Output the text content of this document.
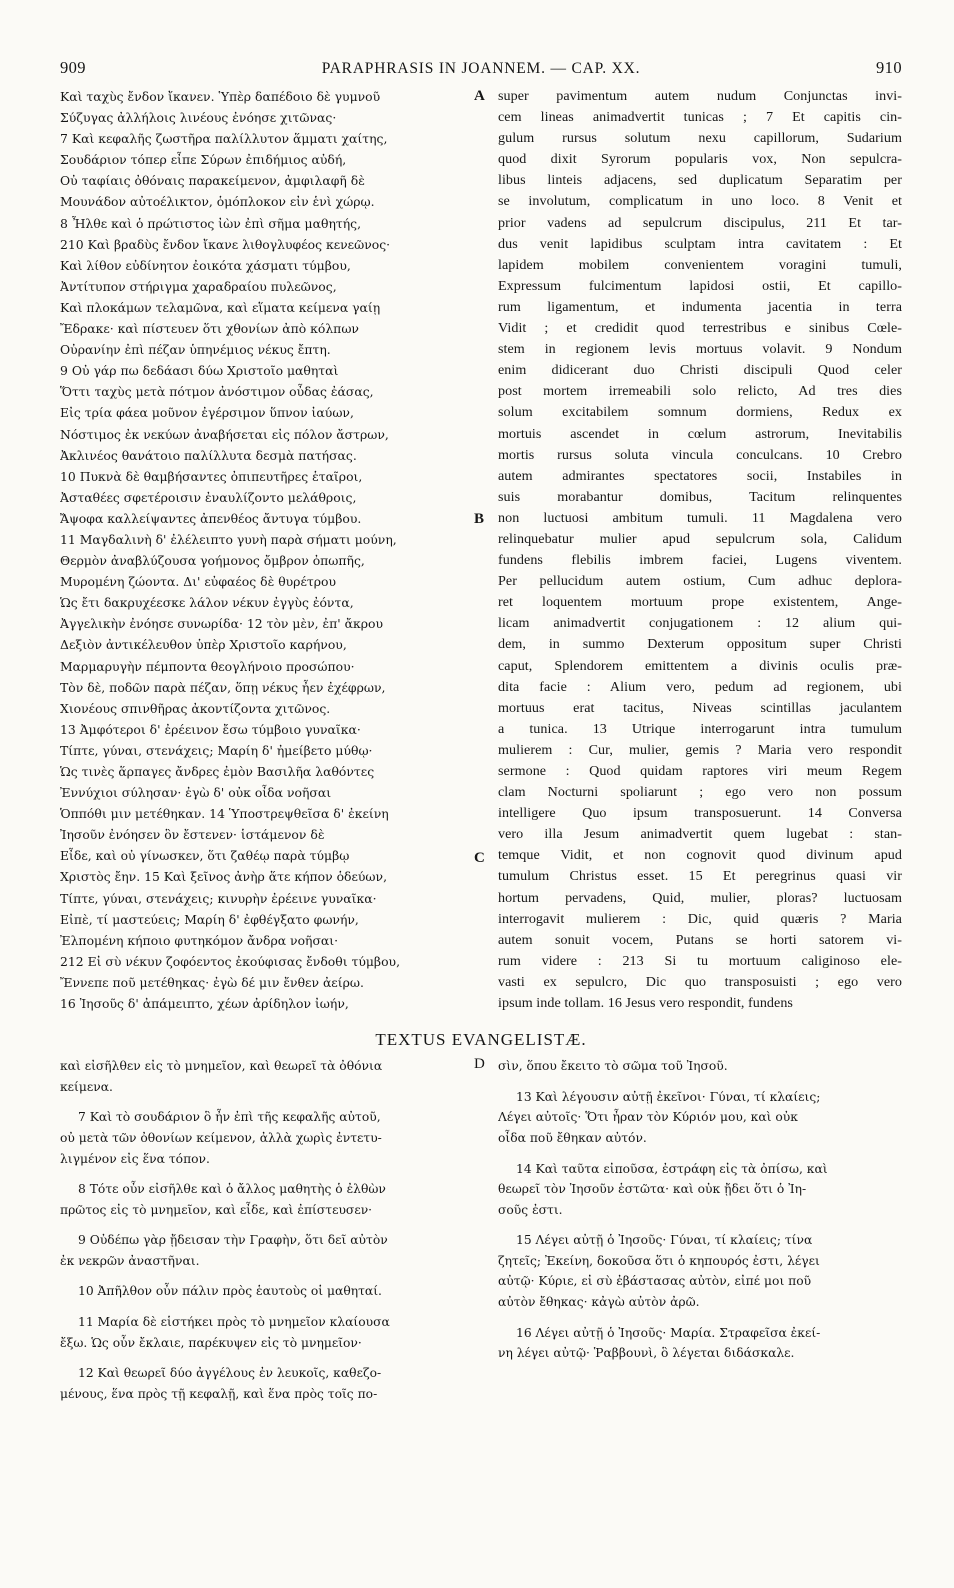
909	PARAPHRASIS IN JOANNEM. — CAP. XX.	910
Καὶ ταχὺς ἔνδον ἴκανεν. Ὑπὲρ δαπέδοιο δὲ γυμνοῦ
Σύζυγας ἀλλήλοις λινέους ἐνόησε χιτῶνας·
7 Καὶ κεφαλῆς ζωστῆρα παλίλλυτον ἅμματι χαίτης,
Σουδάριον τόπερ εἶπε Σύρων ἐπιδήμιος αὐδή,
Οὐ ταφίαις ὀθόναις παρακείμενον, ἀμφιλαφῆ δὲ
Μουνάδον αὐτοέλικτον, ὁμόπλοκον εἰν ἑνὶ χώρῳ.
8 Ἦλθε καὶ ὁ πρώτιστος ἰὼν ἐπὶ σῆμα μαθητής,
210 Καὶ βραδὺς ἔνδον ἴκανε λιθογλυφέος κενεῶνος·
Καὶ λίθον εὐδίνητον ἐοικότα χάσματι τύμβου,
Ἀντίτυπον στήριγμα χαραδραίου πυλεῶνος,
Καὶ πλοκάμων τελαμῶνα, καὶ εἵματα κείμενα γαίῃ
Ἔδρακε· καὶ πίστευεν ὅτι χθονίων ἀπὸ κόλπων
Οὐρανίην ἐπὶ πέζαν ὑπηνέμιος νέκυς ἔπτη.
9 Οὐ γάρ πω δεδάασι δύω Χριστοῖο μαθηταὶ
Ὅττι ταχὺς μετὰ πότμον ἀνόστιμον οὖδας ἐάσας,
Εἰς τρία φάεα μοῦνον ἐγέρσιμον ὕπνον ἰαύων,
Νόστιμος ἐκ νεκύων ἀναβήσεται εἰς πόλον ἄστρων,
Ἀκλινέος θανάτοιο παλίλλυτα δεσμὰ πατήσας.
10 Πυκνὰ δὲ θαμβήσαντες ὀπιπευτῆρες ἑταῖροι,
Ἀσταθέες σφετέροισιν ἐναυλίζοντο μελάθροις,
Ἄψοφα καλλείψαντες ἀπενθέος ἄντυγα τύμβου.
11 Μαγδαλινὴ δ' ἐλέλειπτο γυνὴ παρὰ σήματι μούνη,
Θερμὸν ἀναβλύζουσα γοήμονος ὄμβρον ὀπωπῆς,
Μυρομένη ζώοντα. Δι' εὐφαέος δὲ θυρέτρου
Ὡς ἔτι δακρυχέεσκε λάλον νέκυν ἐγγὺς ἐόντα,
Ἀγγελικὴν ἐνόησε συνωρίδα· 12 τὸν μὲν, ἐπ' ἄκρου
Δεξιὸν ἀντικέλευθον ὑπὲρ Χριστοῖο καρήνου,
Μαρμαρυγὴν πέμποντα θεογλήνοιο προσώπου·
Τὸν δὲ, ποδῶν παρὰ πέζαν, ὅπῃ νέκυς ἦεν ἐχέφρων,
Χιονέους σπινθῆρας ἀκοντίζοντα χιτῶνος.
13 Ἀμφότεροι δ' ἐρέεινον ἔσω τύμβοιο γυναῖκα·
Τίπτε, γύναι, στενάχεις; Μαρίη δ' ἠμείβετο μύθῳ·
Ὡς τινὲς ἅρπαγες ἄνδρες ἐμὸν Βασιλῆα λαθόντες
Ἐννύχιοι σύλησαν· ἐγὼ δ' οὐκ οἶδα νοῆσαι
Ὁππόθι μιν μετέθηκαν. 14 Ὑποστρεψθεῖσα δ' ἐκείνη
Ἰησοῦν ἐνόησεν ὃν ἔστενεν· ἱστάμενον δὲ
Εἶδε, καὶ οὐ γίνωσκεν, ὅτι ζαθέῳ παρὰ τύμβῳ
Χριστὸς ἔην. 15 Καὶ ξεῖνος ἀνὴρ ἅτε κήπον ὁδεύων,
Τίπτε, γύναι, στενάχεις; κινυρὴν ἐρέεινε γυναῖκα·
Εἰπὲ, τί μαστεύεις; Μαρίη δ' ἐφθέγξατο φωνήν,
Ἐλπομένη κήποιο φυτηκόμον ἄνδρα νοῆσαι·
212 Εἰ σὺ νέκυν ζοφόεντος ἐκούφισας ἔνδοθι τύμβου,
Ἔννεπε ποῦ μετέθηκας· ἐγὼ δέ μιν ἔνθεν ἀείρω.
16 Ἰησοῦς δ' ἀπάμειπτο, χέων ἀρίδηλον ἰωήν,
A
B
C
super pavimentum autem nudum Conjunctas invi-
cem lineas animadvertit tunicas ; 7 Et capitis cin-
gulum rursus solutum nexu capillorum, Sudarium
quod dixit Syrorum popularis vox, Non sepulcra-
libus linteis adjacens, sed duplicatum Separatim per
se involutum, complicatum in uno loco. 8 Venit et
prior vadens ad sepulcrum discipulus, 211 Et tar-
dus venit lapidibus sculptam intra cavitatem : Et
lapidem mobilem convenientem voragini tumuli,
Expressum fulcimentum lapidosi ostii, Et capillo-
rum ligamentum, et indumenta jacentia in terra
Vidit ; et credidit quod terrestribus e sinibus Cœle-
stem in regionem levis mortuus volavit. 9 Nondum
enim didicerant duo Christi discipuli Quod celer
post mortem irremeabili solo relicto, Ad tres dies
solum excitabilem somnum dormiens, Redux ex
mortuis ascendet in cœlum astrorum, Inevitabilis
mortis rursus soluta vincula conculcans. 10 Crebro
autem admirantes spectatores socii, Instabiles in
suis morabantur domibus, Tacitum relinquentes
non luctuosi ambitum tumuli. 11 Magdalena vero
relinquebatur mulier apud sepulcrum sola, Calidum
fundens flebilis imbrem faciei, Lugens viventem.
Per pellucidum autem ostium, Cum adhuc deplora-
ret loquentem mortuum prope existentem, Ange-
licam animadvertit conjugationem : 12 alium qui-
dem, in summo Dexterum oppositum super Christi
caput, Splendorem emittentem a divinis oculis præ-
dita facie : Alium vero, pedum ad regionem, ubi
mortuus erat tacitus, Niveas scintillas jaculantem
a tunica. 13 Utrique interrogarunt intra tumulum
mulierem : Cur, mulier, gemis ? Maria vero respondit
sermone : Quod quidam raptores viri meum Regem
clam Nocturni spoliarunt ; ego vero non possum
intelligere Quo ipsum transposuerunt. 14 Conversa
vero illa Jesum animadvertit quem lugebat : stan-
temque Vidit, et non cognovit quod divinum apud
tumulum Christus esset. 15 Et peregrinus quasi vir
hortum pervadens, Quid, mulier, ploras? luctuosam
interrogavit mulierem : Dic, quid quæris ? Maria
autem sonuit vocem, Putans se horti satorem vi-
rum videre : 213 Si tu mortuum caliginoso ele-
vasti ex sepulcro, Dic quo transposuisti ; ego vero
ipsum inde tollam. 16 Jesus vero respondit, fundens
TEXTUS EVANGELISTÆ.
καὶ εἰσῆλθεν εἰς τὸ μνημεῖον, καὶ θεωρεῖ τὰ ὀθόνια
κείμενα.
7 Καὶ τὸ σουδάριον ὃ ἦν ἐπὶ τῆς κεφαλῆς αὐτοῦ,
οὐ μετὰ τῶν ὀθονίων κείμενον, ἀλλὰ χωρὶς ἐντετυ-
λιγμένον εἰς ἕνα τόπον.
8 Τότε οὖν εἰσῆλθε καὶ ὁ ἄλλος μαθητὴς ὁ ἐλθὼν
πρῶτος εἰς τὸ μνημεῖον, καὶ εἶδε, καὶ ἐπίστευσεν·
9 Οὐδέπω γὰρ ᾔδεισαν τὴν Γραφὴν, ὅτι δεῖ αὐτὸν
ἐκ νεκρῶν ἀναστῆναι.
10 Ἀπῆλθον οὖν πάλιν πρὸς ἑαυτοὺς οἱ μαθηταί.
11 Μαρία δὲ εἱστήκει πρὸς τὸ μνημεῖον κλαίουσα
ἔξω. Ὡς οὖν ἔκλαιε, παρέκυψεν εἰς τὸ μνημεῖον·
12 Καὶ θεωρεῖ δύο ἀγγέλους ἐν λευκοῖς, καθεζο-
μένους, ἕνα πρὸς τῇ κεφαλῇ, καὶ ἕνα πρὸς τοῖς πο-
D σὶν, ὅπου ἔκειτο τὸ σῶμα τοῦ Ἰησοῦ.
13 Καὶ λέγουσιν αὐτῇ ἐκεῖνοι· Γύναι, τί κλαίεις;
Λέγει αὐτοῖς· Ὅτι ἦραν τὸν Κύριόν μου, καὶ οὐκ
οἶδα ποῦ ἔθηκαν αὐτόν.
14 Καὶ ταῦτα εἰποῦσα, ἐστράφη εἰς τὰ ὀπίσω, καὶ
θεωρεῖ τὸν Ἰησοῦν ἑστῶτα· καὶ οὐκ ᾔδει ὅτι ὁ Ἰη-
σοῦς ἐστι.
15 Λέγει αὐτῇ ὁ Ἰησοῦς· Γύναι, τί κλαίεις; τίνα
ζητεῖς; Ἐκείνη, δοκοῦσα ὅτι ὁ κηπουρός ἐστι, λέγει
αὐτῷ· Κύριε, εἰ σὺ ἐβάστασας αὐτὸν, εἰπέ μοι ποῦ
αὐτὸν ἔθηκας· κἀγὼ αὐτὸν ἀρῶ.
16 Λέγει αὐτῇ ὁ Ἰησοῦς· Μαρία. Στραφεῖσα ἐκεί-
νη λέγει αὐτῷ· Ῥαββουνὶ, ὃ λέγεται διδάσκαλε.
